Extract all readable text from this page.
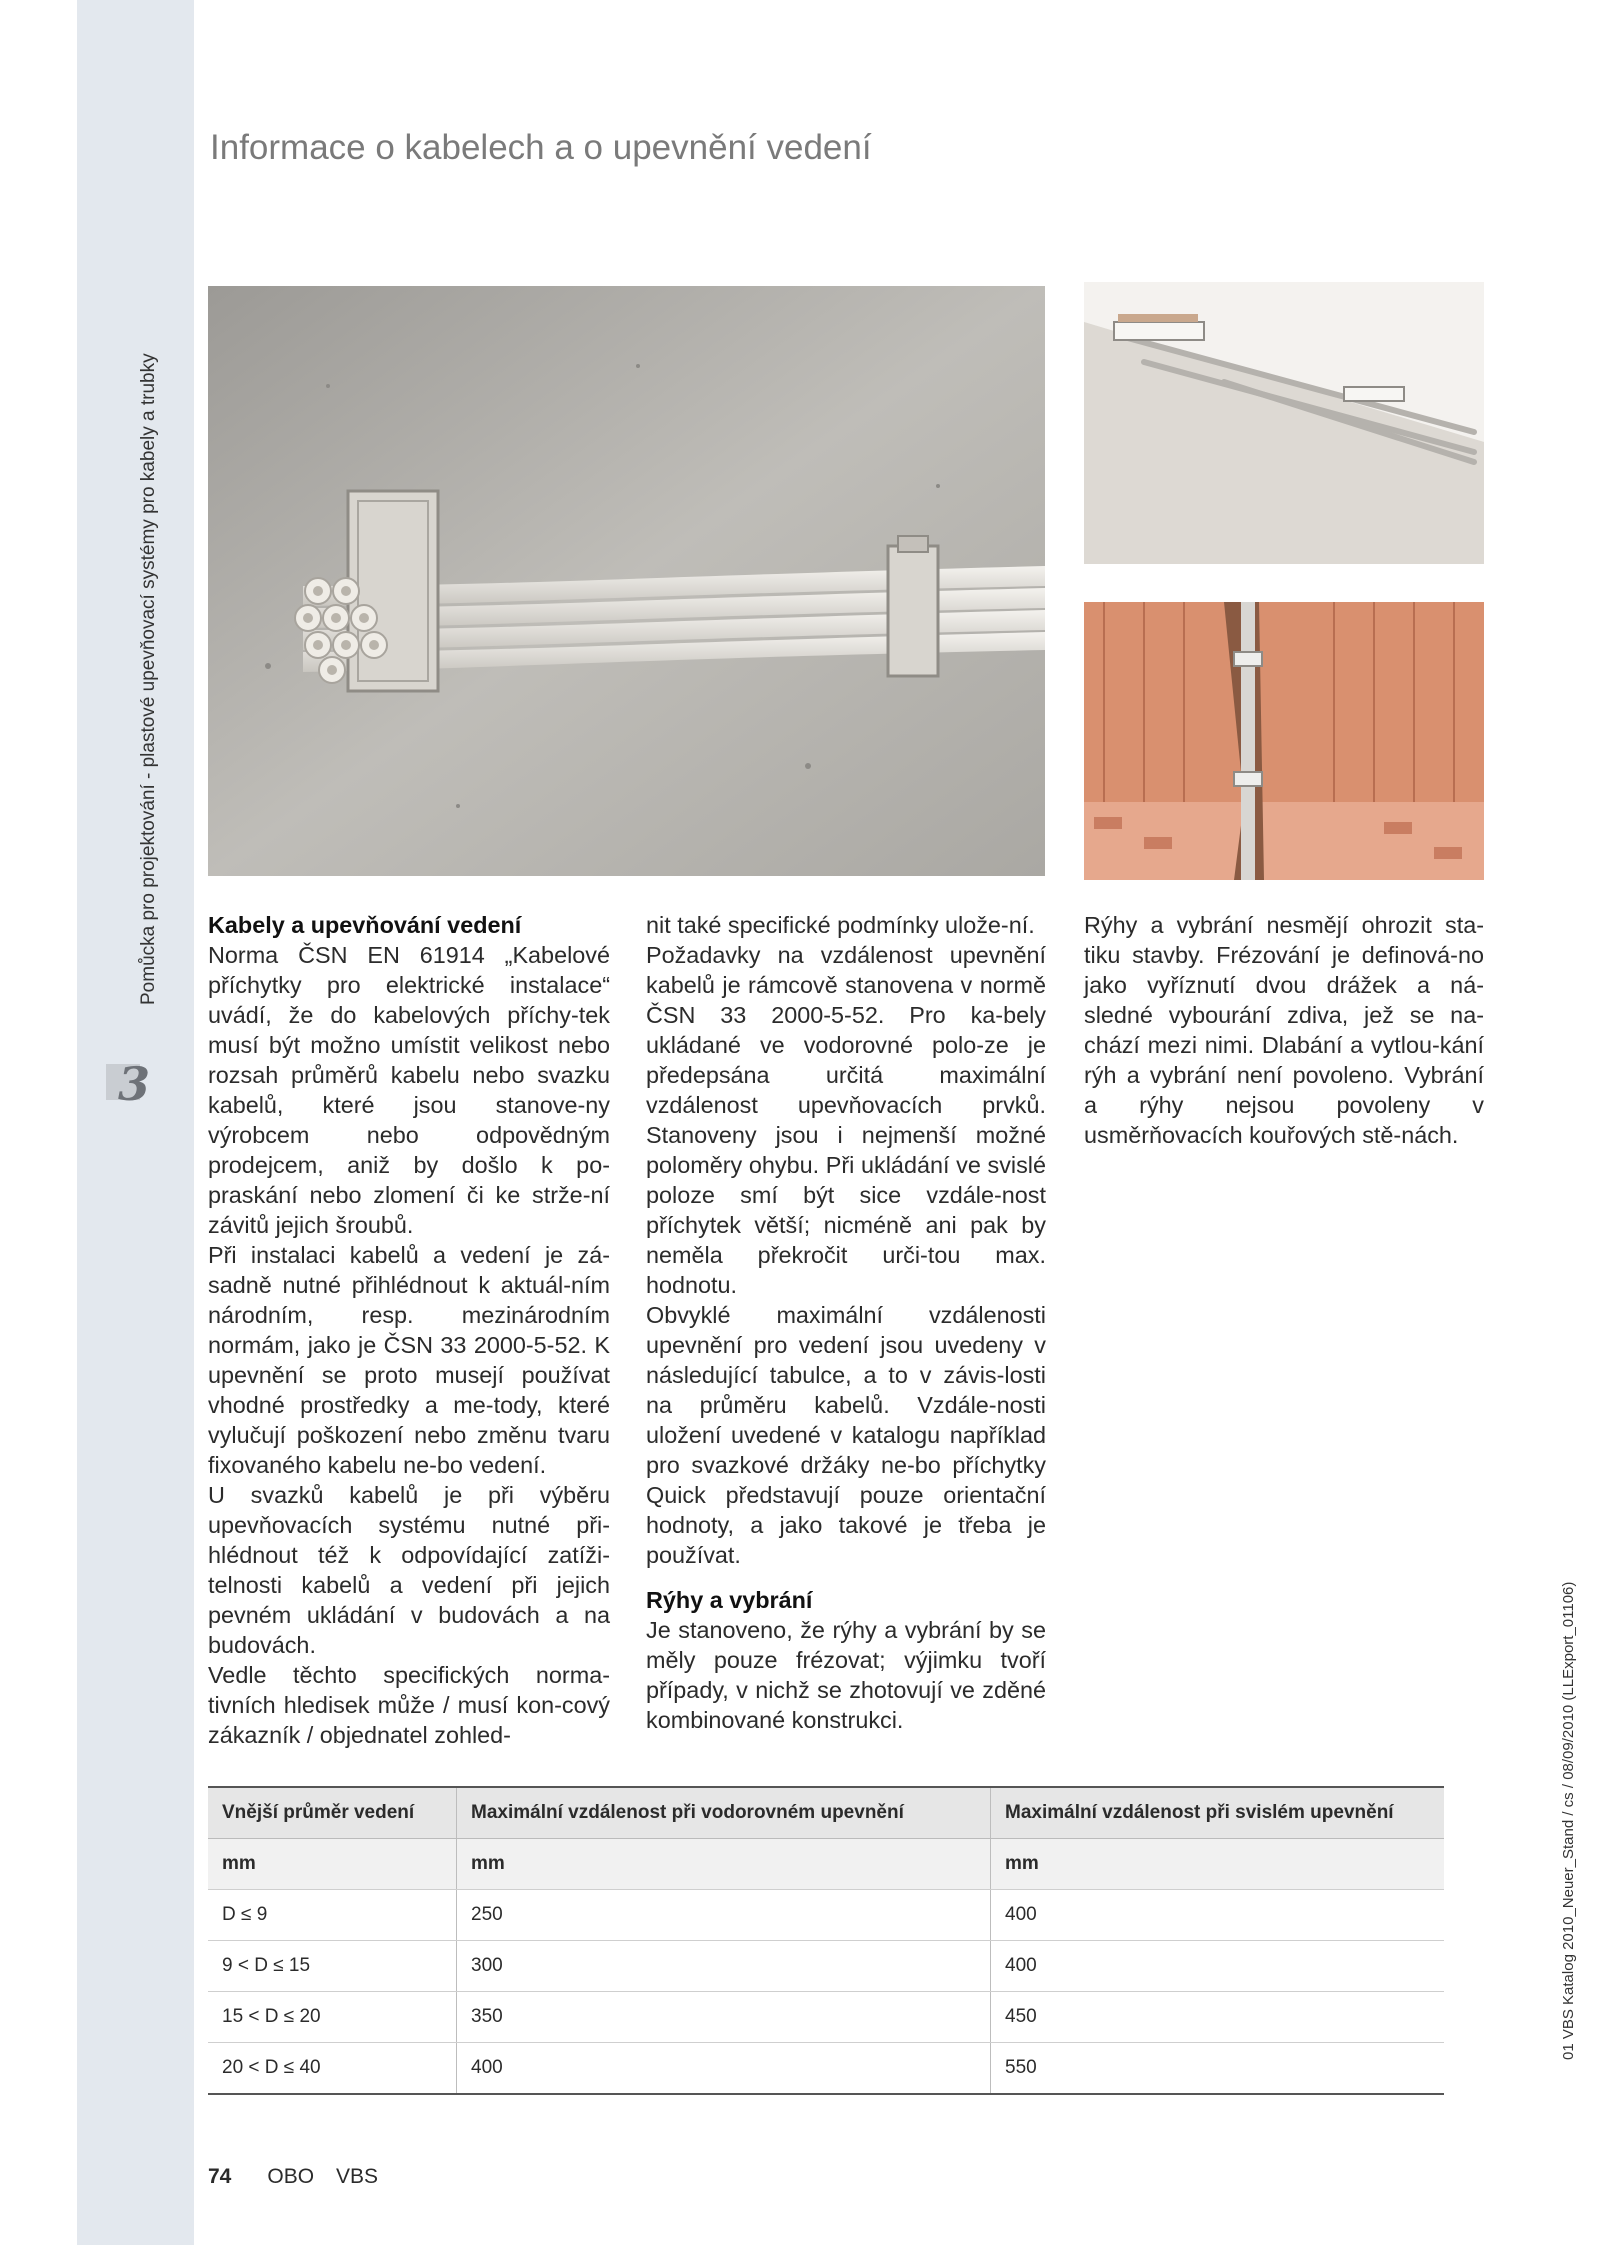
Pomůcka pro projektování - plastové upevňovací systémy pro kabely a trubky
3
Informace o kabelech a o upevnění vedení
Kabely a upevňování vedení

Norma ČSN EN 61914 „Kabelové příchytky pro elektrické instalace“ uvádí, že do kabelových příchy-tek musí být možno umístit velikost nebo rozsah průměrů kabelu nebo svazku kabelů, které jsou stanove-ny výrobcem nebo odpovědným prodejcem, aniž by došlo k po-praskání nebo zlomení či ke strže-ní závitů jejich šroubů.

Při instalaci kabelů a vedení je zá-sadně nutné přihlédnout k aktuál-ním národním, resp. mezinárodním normám, jako je ČSN 33 2000-5-52. K upevnění se proto musejí používat vhodné prostředky a me-tody, které vylučují poškození nebo změnu tvaru fixovaného kabelu ne-bo vedení.

U svazků kabelů je při výběru upevňovacích systému nutné při-hlédnout též k odpovídající zatíži-telnosti kabelů a vedení při jejich pevném ukládání v budovách a na budovách.

Vedle těchto specifických norma-tivních hledisek může / musí kon-cový zákazník / objednatel zohled-

nit také specifické podmínky ulože-ní.

Požadavky na vzdálenost upevnění kabelů je rámcově stanovena v normě ČSN 33 2000-5-52. Pro ka-bely ukládané ve vodorovné polo-ze je předepsána určitá maximální vzdálenost upevňovacích prvků. Stanoveny jsou i nejmenší možné poloměry ohybu. Při ukládání ve svislé poloze smí být sice vzdále-nost příchytek větší; nicméně ani pak by neměla překročit urči-tou max. hodnotu.

Obvyklé maximální vzdálenosti upevnění pro vedení jsou uvedeny v následující tabulce, a to v závis-losti na průměru kabelů. Vzdále-nosti uložení uvedené v katalogu například pro svazkové držáky ne-bo příchytky Quick představují pouze orientační hodnoty, a jako takové je třeba je používat.

Rýhy a vybrání

Je stanoveno, že rýhy a vybrání by se měly pouze frézovat; výjimku tvoří případy, v nichž se zhotovují ve zděné kombinované konstrukci.

Rýhy a vybrání nesmějí ohrozit sta-tiku stavby. Frézování je definová-no jako vyříznutí dvou drážek a ná-sledné vybourání zdiva, jež se na-chází mezi nimi. Dlabání a vytlou-kání rýh a vybrání není povoleno. Vybrání a rýhy nejsou povoleny v usměrňovacích kouřových stě-nách.

Vnější průměr vedení	Maximální vzdálenost při vodorovném upevnění	Maximální vzdálenost při svislém upevnění
mm	mm	mm
D ≤ 9	250	400
9 < D ≤ 15	300	400
15 < D ≤ 20	350	450
20 < D ≤ 40	400	550
74 OBO VBS
01 VBS Katalog 2010_Neuer_Stand / cs / 08/09/2010 (LLExport_01106)
